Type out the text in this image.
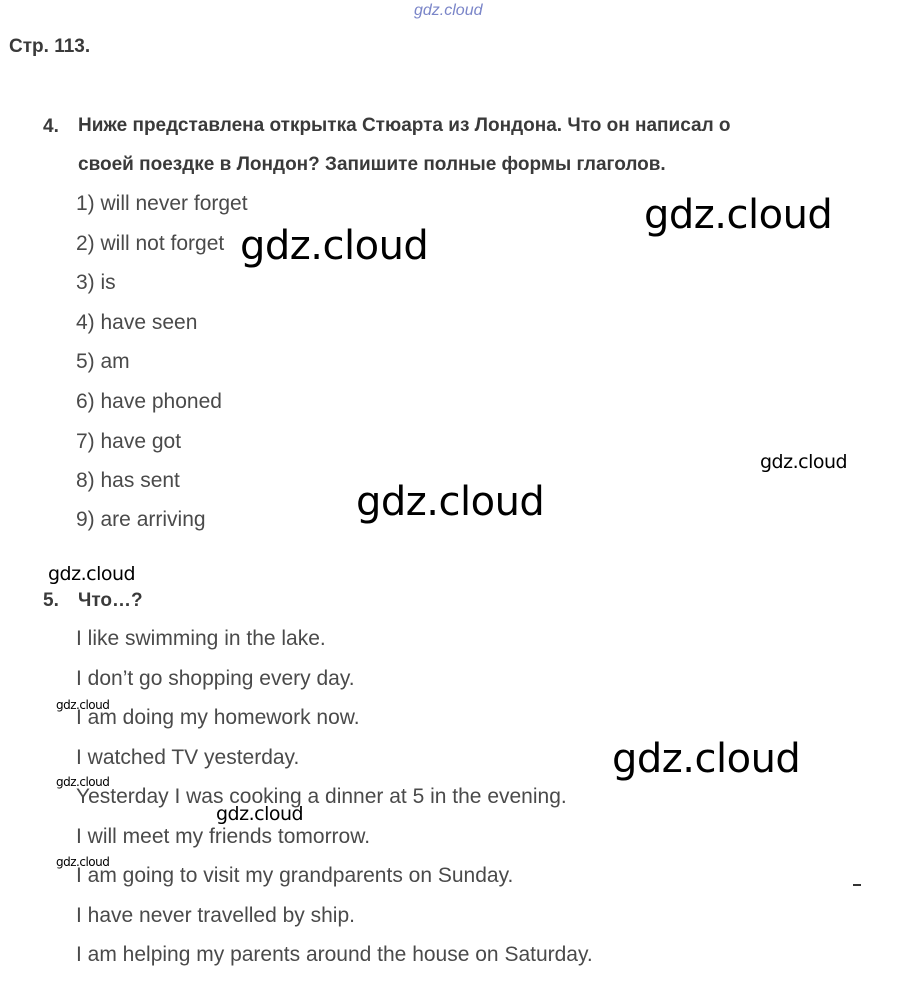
gdz.cloud
Стр. 113.
4. Ниже представлена открытка Стюарта из Лондона. Что он написал о
своей поездке в Лондон? Запишите полные формы глаголов.
1) will never forget
2) will not forget
3) is
4) have seen
5) am
6) have phoned
7) have got
8) has sent
9) are arriving
5. Что…?
I like swimming in the lake.
I don’t go shopping every day.
I am doing my homework now.
I watched TV yesterday.
Yesterday I was cooking a dinner at 5 in the evening.
I will meet my friends tomorrow.
I am going to visit my grandparents on Sunday.
I have never travelled by ship.
I am helping my parents around the house on Saturday.
gdz.cloud
gdz.cloud
gdz.cloud
gdz.cloud
gdz.cloud
gdz.cloud
gdz.cloud
gdz.cloud
gdz.cloud
gdz.cloud
